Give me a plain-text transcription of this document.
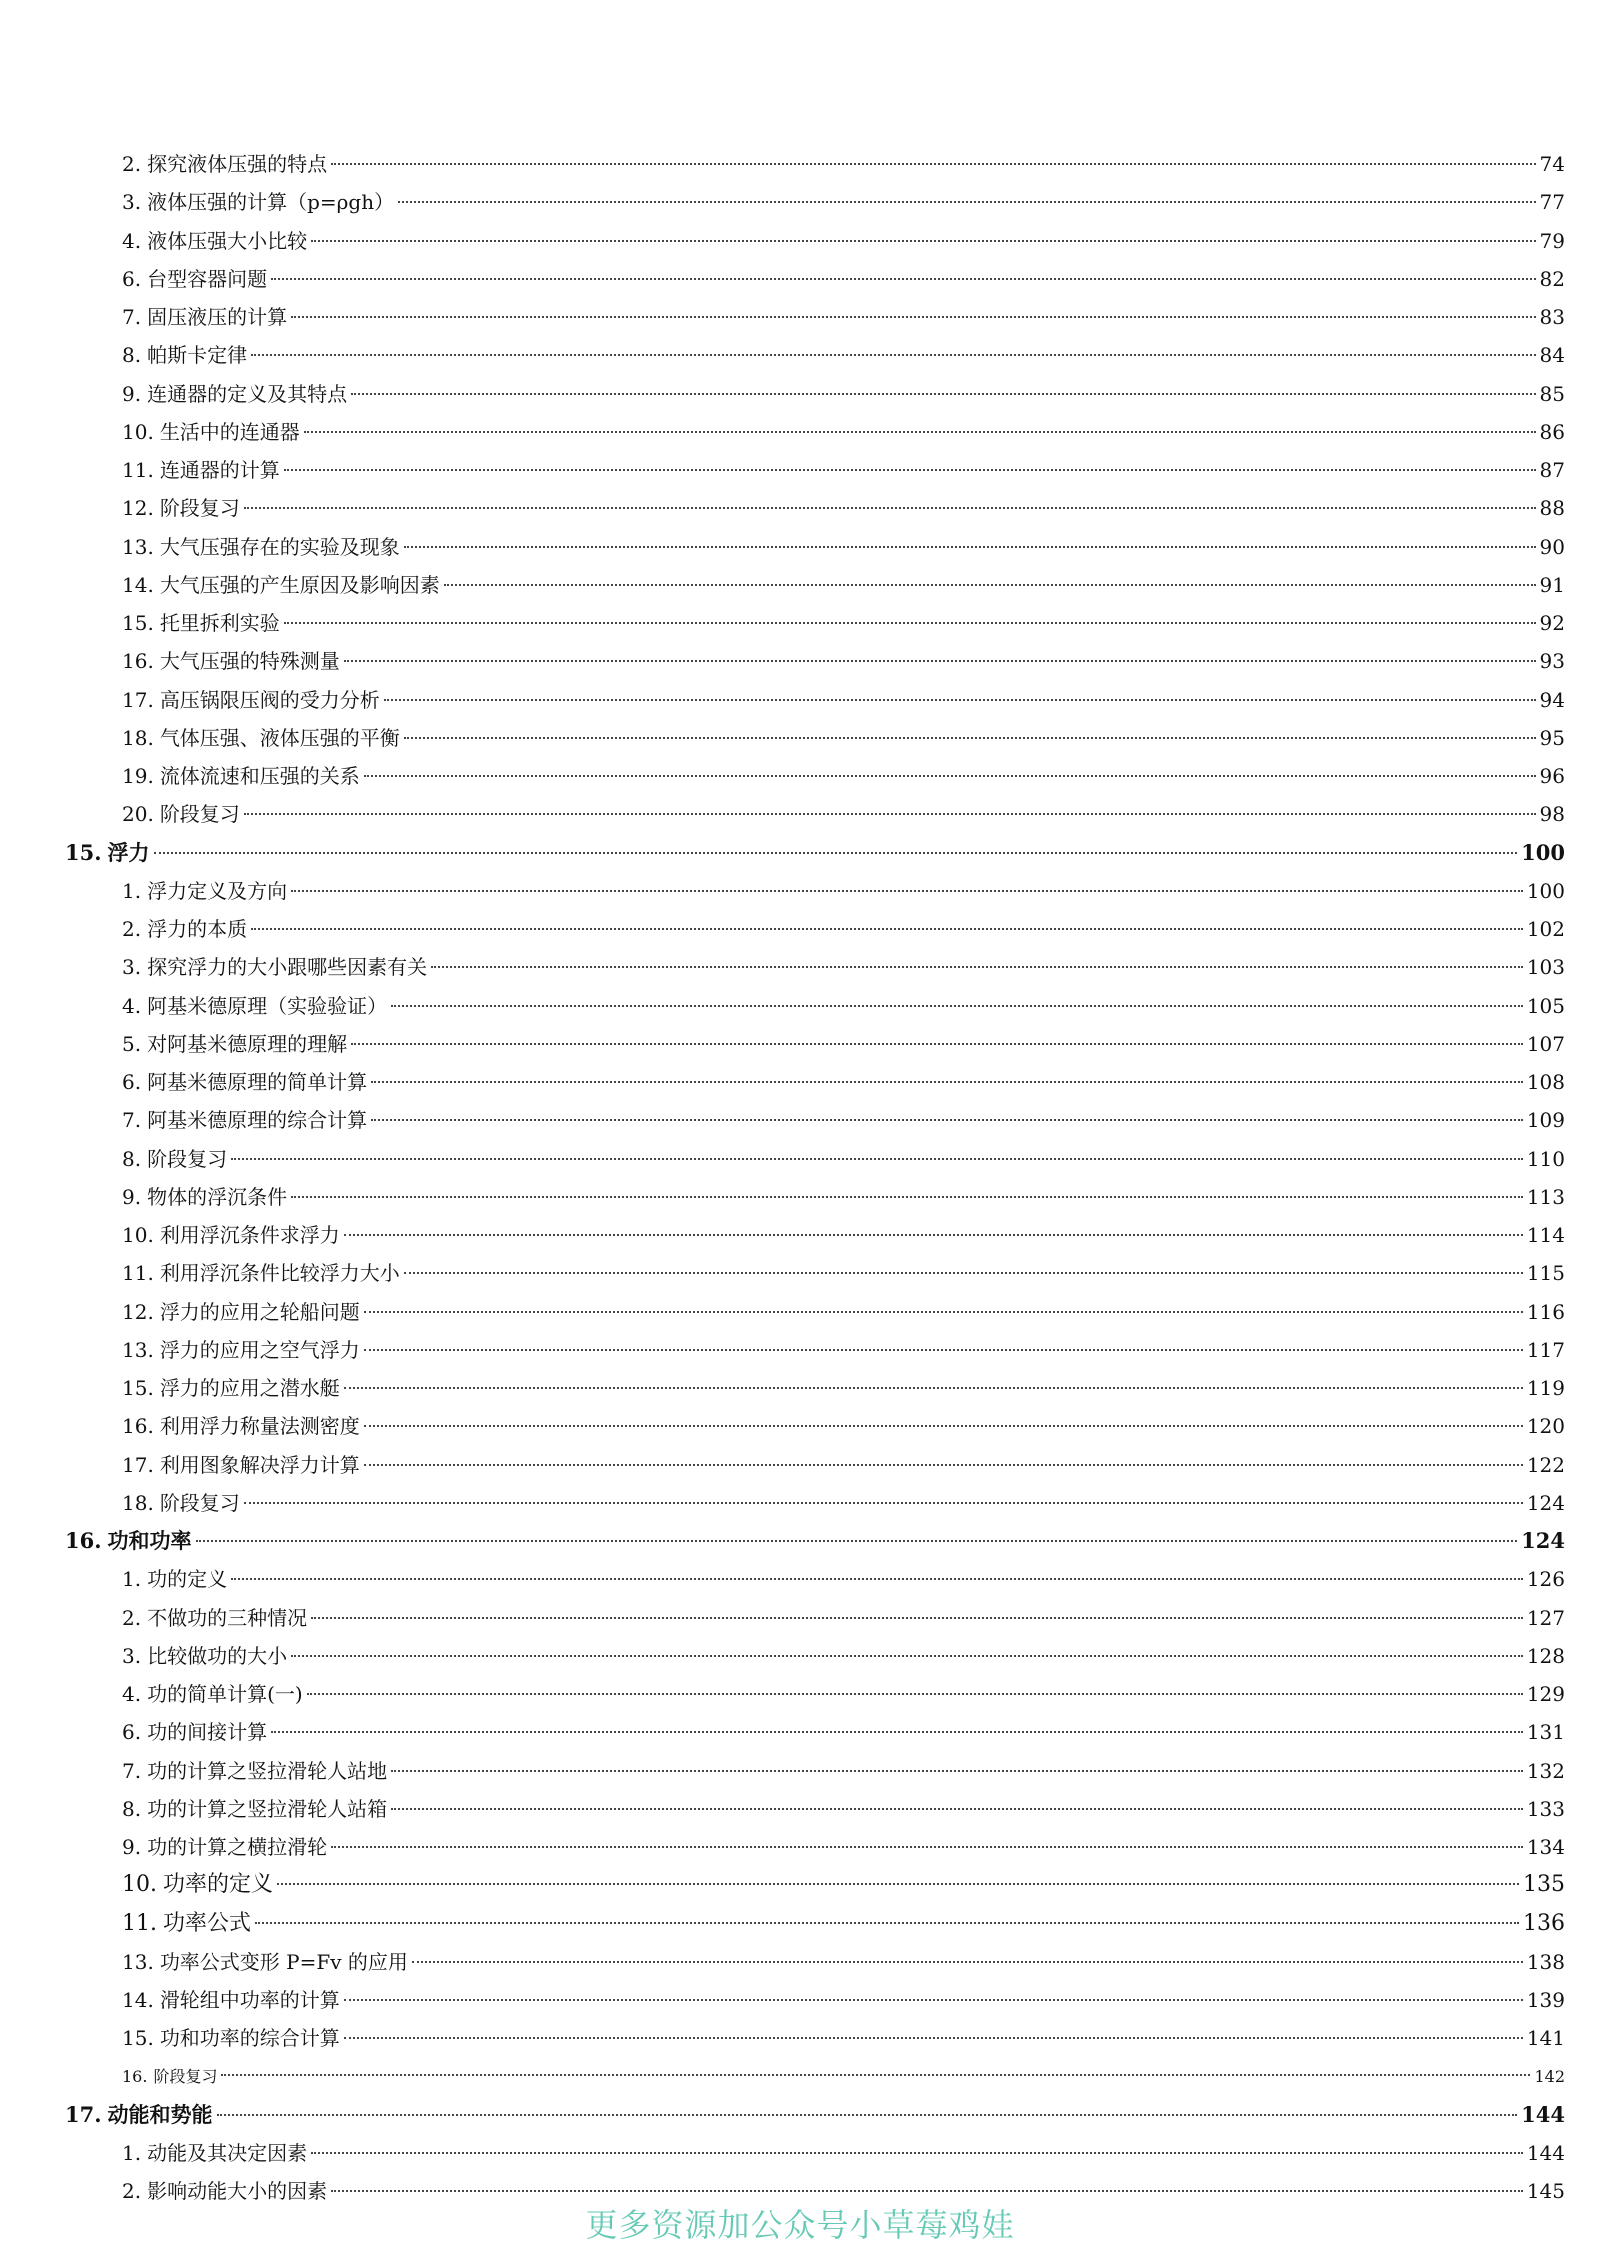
2. 探究液体压强的特点	74
3. 液体压强的计算（p=ρgh）	77
4. 液体压强大小比较	79
6. 台型容器问题	82
7. 固压液压的计算	83
8. 帕斯卡定律	84
9. 连通器的定义及其特点	85
10. 生活中的连通器	86
11. 连通器的计算	87
12. 阶段复习	88
13. 大气压强存在的实验及现象	90
14. 大气压强的产生原因及影响因素	91
15. 托里拆利实验	92
16. 大气压强的特殊测量	93
17. 高压锅限压阀的受力分析	94
18. 气体压强、液体压强的平衡	95
19. 流体流速和压强的关系	96
20. 阶段复习	98
15. 浮力	100
1. 浮力定义及方向	100
2. 浮力的本质	102
3. 探究浮力的大小跟哪些因素有关	103
4. 阿基米德原理（实验验证）	105
5. 对阿基米德原理的理解	107
6. 阿基米德原理的简单计算	108
7. 阿基米德原理的综合计算	109
8. 阶段复习	110
9. 物体的浮沉条件	113
10. 利用浮沉条件求浮力	114
11. 利用浮沉条件比较浮力大小	115
12. 浮力的应用之轮船问题	116
13. 浮力的应用之空气浮力	117
15. 浮力的应用之潜水艇	119
16. 利用浮力称量法测密度	120
17. 利用图象解决浮力计算	122
18. 阶段复习	124
16. 功和功率	124
1. 功的定义	126
2. 不做功的三种情况	127
3. 比较做功的大小	128
4. 功的简单计算(一)	129
6. 功的间接计算	131
7. 功的计算之竖拉滑轮人站地	132
8. 功的计算之竖拉滑轮人站箱	133
9. 功的计算之横拉滑轮	134
10. 功率的定义	135
11. 功率公式	136
13. 功率公式变形 P=Fv 的应用	138
14. 滑轮组中功率的计算	139
15. 功和功率的综合计算	141
16. 阶段复习	142
17. 动能和势能	144
1. 动能及其决定因素	144
2. 影响动能大小的因素	145
更多资源加公众号小草莓鸡娃
